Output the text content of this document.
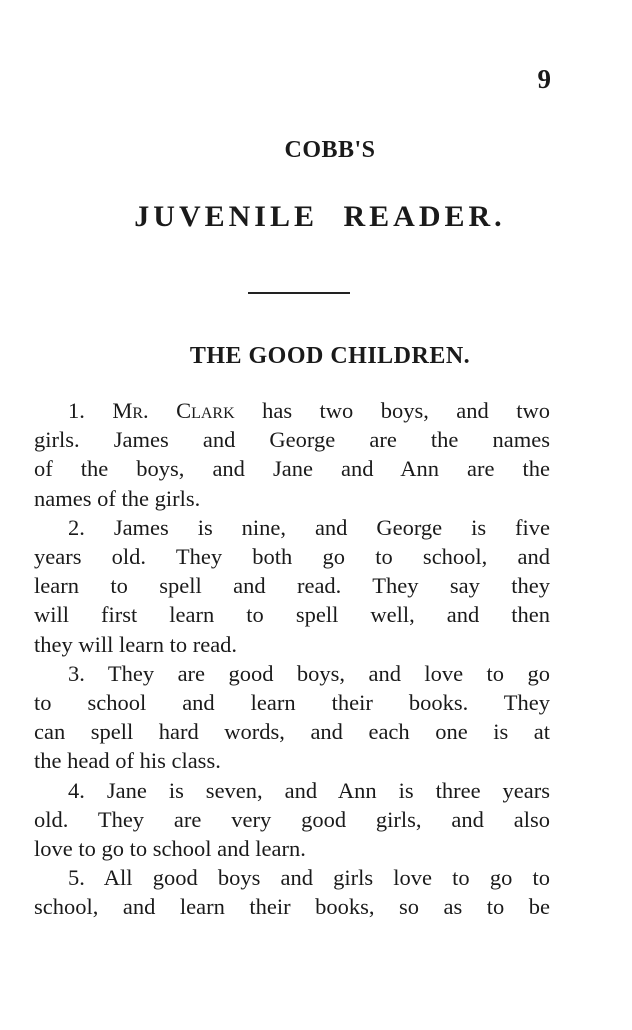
9
COBB'S
JUVENILE READER.
THE GOOD CHILDREN.
1. Mr. Clark has two boys, and two
girls. James and George are the names
of the boys, and Jane and Ann are the
names of the girls.
2. James is nine, and George is five
years old. They both go to school, and
learn to spell and read. They say they
will first learn to spell well, and then
they will learn to read.
3. They are good boys, and love to go
to school and learn their books. They
can spell hard words, and each one is at
the head of his class.
4. Jane is seven, and Ann is three years
old. They are very good girls, and also
love to go to school and learn.
5. All good boys and girls love to go to
school, and learn their books, so as to be
